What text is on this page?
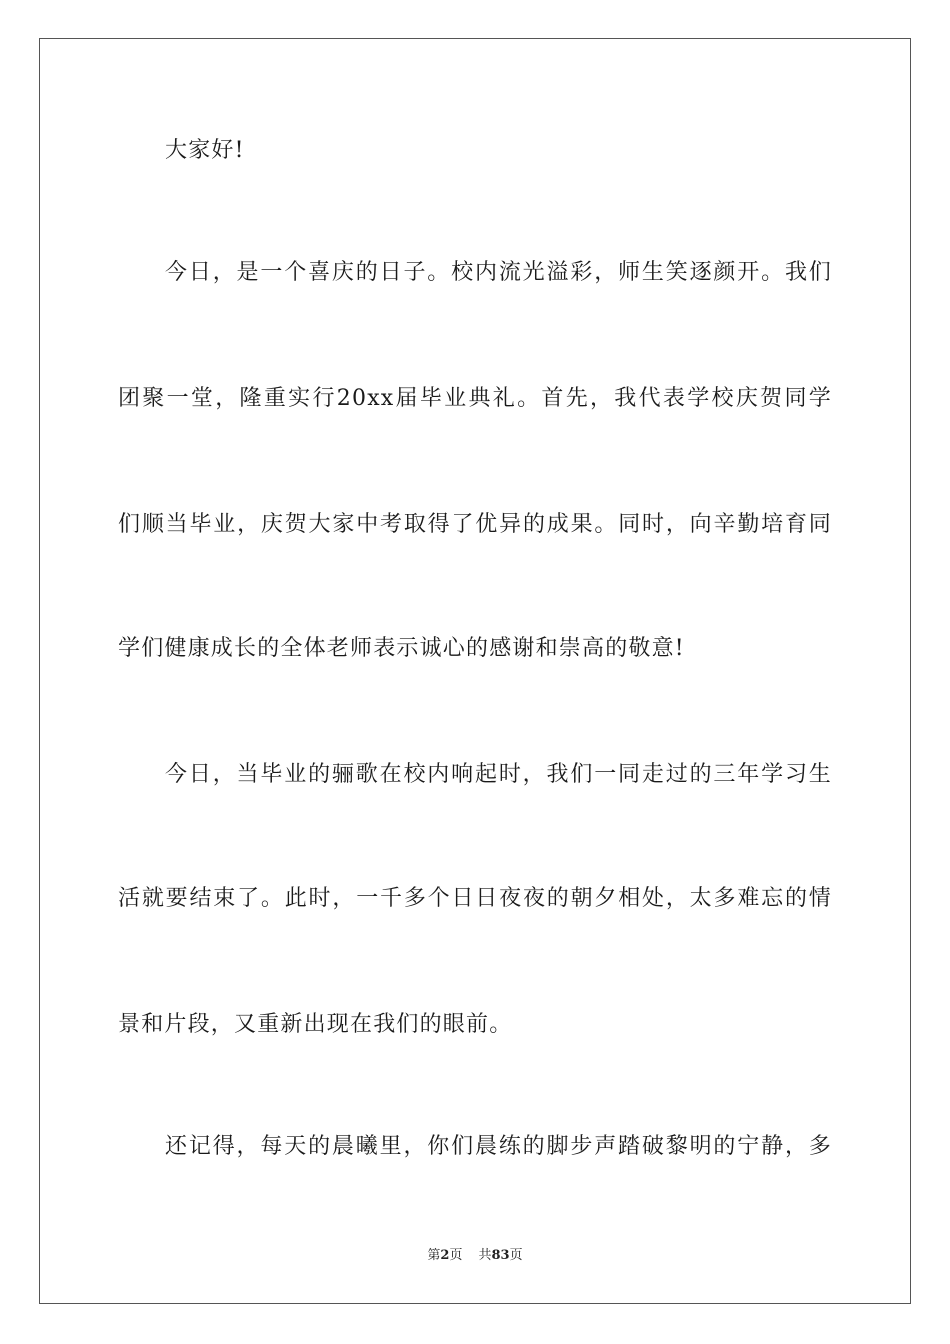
大家好!
今日，是一个喜庆的日子。校内流光溢彩，师生笑逐颜开。我们
团聚一堂，隆重实行20xx届毕业典礼。首先，我代表学校庆贺同学
们顺当毕业，庆贺大家中考取得了优异的成果。同时，向辛勤培育同
学们健康成长的全体老师表示诚心的感谢和崇高的敬意!
今日，当毕业的骊歌在校内响起时，我们一同走过的三年学习生
活就要结束了。此时，一千多个日日夜夜的朝夕相处，太多难忘的情
景和片段，又重新出现在我们的眼前。
还记得，每天的晨曦里，你们晨练的脚步声踏破黎明的宁静，多
第2页 共83页
